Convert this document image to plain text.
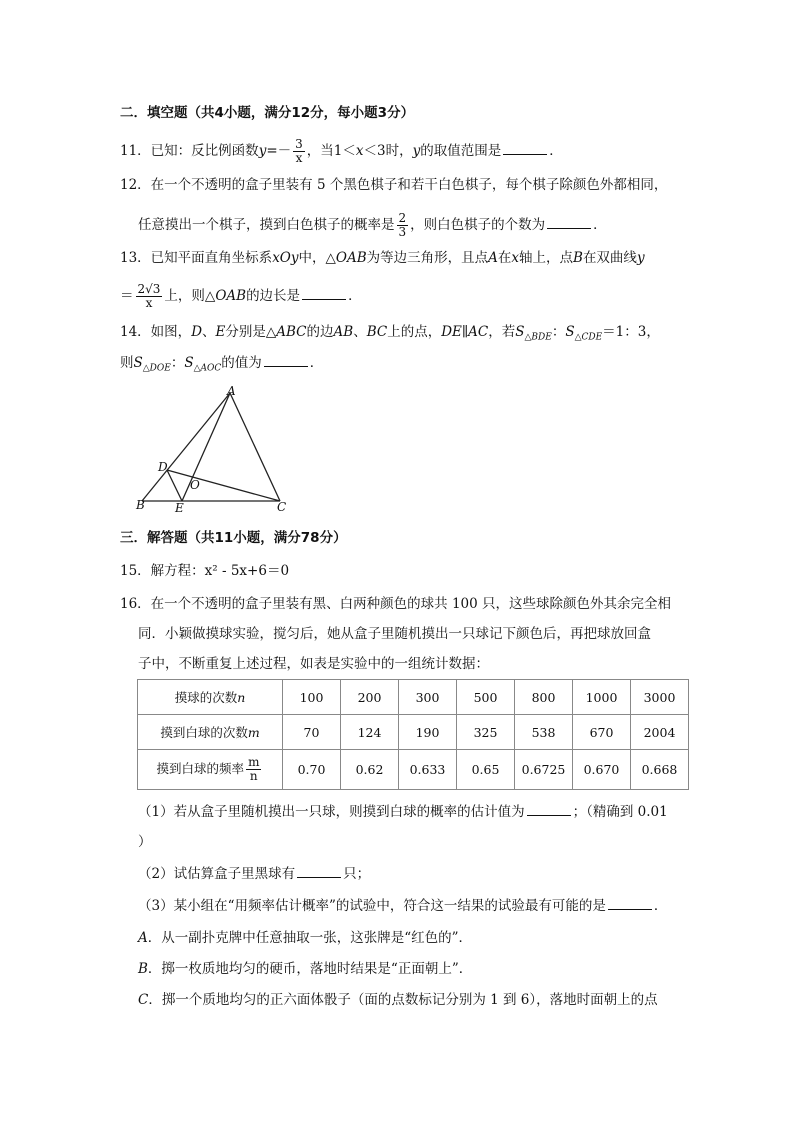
二．填空题（共4小题，满分12分，每小题3分）
11．已知：反比例函数$y=- \frac{3}{x}$ ，当1＜x＜3时，y的取值范围是	．
12．在一个不透明的盒子里装有 5 个黑色棋子和若干白色棋子，每个棋子除颜色外都相同，
任意摸出一个棋子，摸到白色棋子的概率是 $\frac{2}{3}$ ，则白色棋子的个数为	．
13．已知平面直角坐标系xOy中，△OAB为等边三角形，且点A在x轴上，点B在双曲线y
＝ $\frac{2√3}{x}$ 上，则△OAB的边长是	．
14．如图，D、E分别是△ABC的边AB、BC上的点，DE∥AC，若$S_{\triangle BDE}$：$S_{\triangle CDE}=1$：3，
则$S_{\triangle DOE}$：$S_{\triangle AOC}$的值为	．
A
B	C
D
E
O
三．解答题（共11小题，满分78分）
15．解方程：x² - 5x+6＝0
16．在一个不透明的盒子里装有黑、白两种颜色的球共 100 只，这些球除颜色外其余完全相
同．小颖做摸球实验，搅匀后，她从盒子里随机摸出一只球记下颜色后，再把球放回盒
子中，不断重复上述过程，如表是实验中的一组统计数据：
摸球的次数n	100	200	300	500	800	1000	3000
摸到白球的次数m	70	124	190	325	538	670	2004
摸到白球的频率 $\frac{m}{n}$	0.70	0.62	0.633	0.65	0.6725	0.670	0.668
（1）若从盒子里随机摸出一只球，则摸到白球的概率的估计值为	；（精确到 0.01
）
（2）试估算盒子里黑球有	只；
（3）某小组在“用频率估计概率”的试验中，符合这一结果的试验最有可能的是	．
A．从一副扑克牌中任意抽取一张，这张牌是“红色的”．
B．掷一枚质地均匀的硬币，落地时结果是“正面朝上”．
C．掷一个质地均匀的正六面体骰子（面的点数标记分别为 1 到 6），落地时面朝上的点
